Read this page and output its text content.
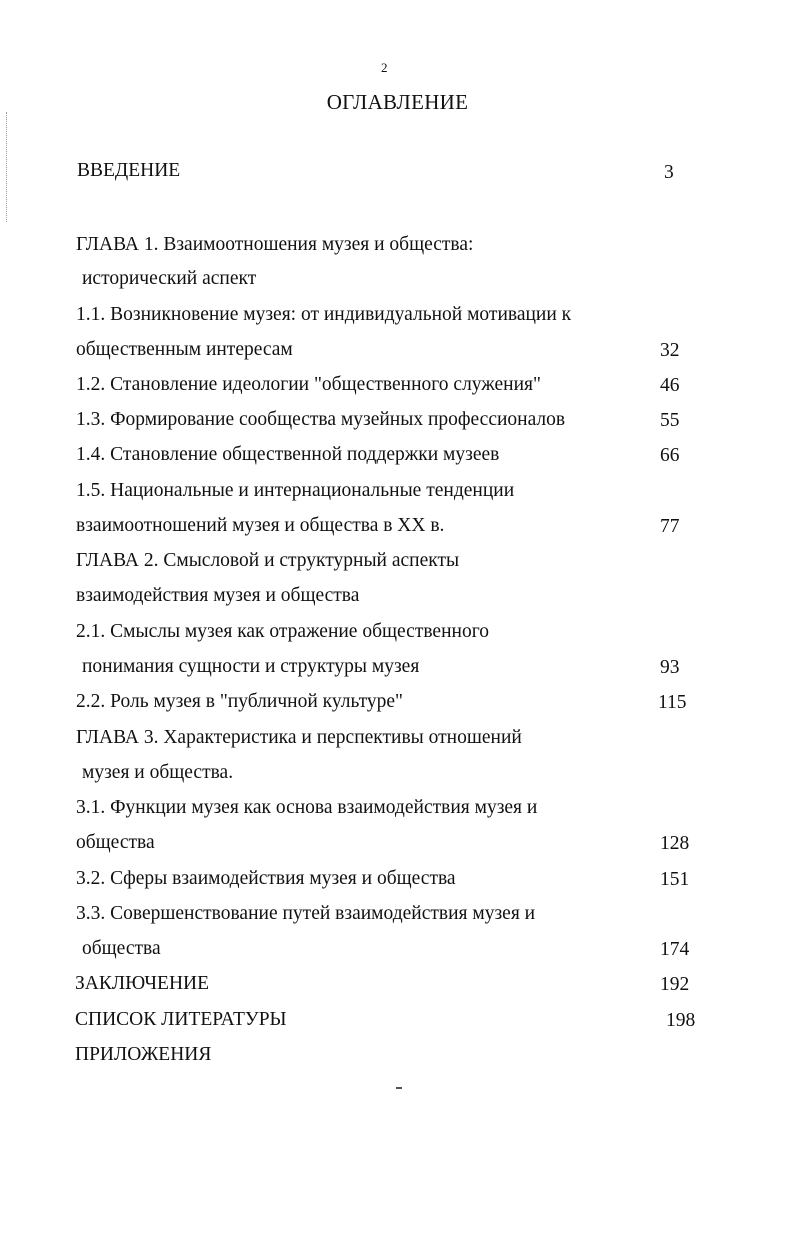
2
ОГЛАВЛЕНИЕ
ВВЕДЕНИЕ	3
ГЛАВА 1. Взаимоотношения музея и общества:
исторический аспект
1.1. Возникновение музея: от индивидуальной мотивации к
общественным интересам	32
1.2. Становление идеологии "общественного служения"	46
1.3. Формирование сообщества музейных профессионалов	55
1.4. Становление общественной поддержки музеев	66
1.5. Национальные и интернациональные тенденции
взаимоотношений музея и общества в XX в.	77
ГЛАВА 2. Смысловой и структурный аспекты
взаимодействия музея и общества
2.1. Смыслы музея как отражение общественного
понимания сущности и структуры музея	93
2.2. Роль музея в "публичной культуре"	115
ГЛАВА 3. Характеристика и перспективы отношений
музея и общества.
3.1. Функции музея как основа взаимодействия музея и
общества	128
3.2. Сферы взаимодействия музея и общества	151
3.3. Совершенствование путей взаимодействия музея и
общества	174
ЗАКЛЮЧЕНИЕ	192
СПИСОК ЛИТЕРАТУРЫ	198
ПРИЛОЖЕНИЯ
